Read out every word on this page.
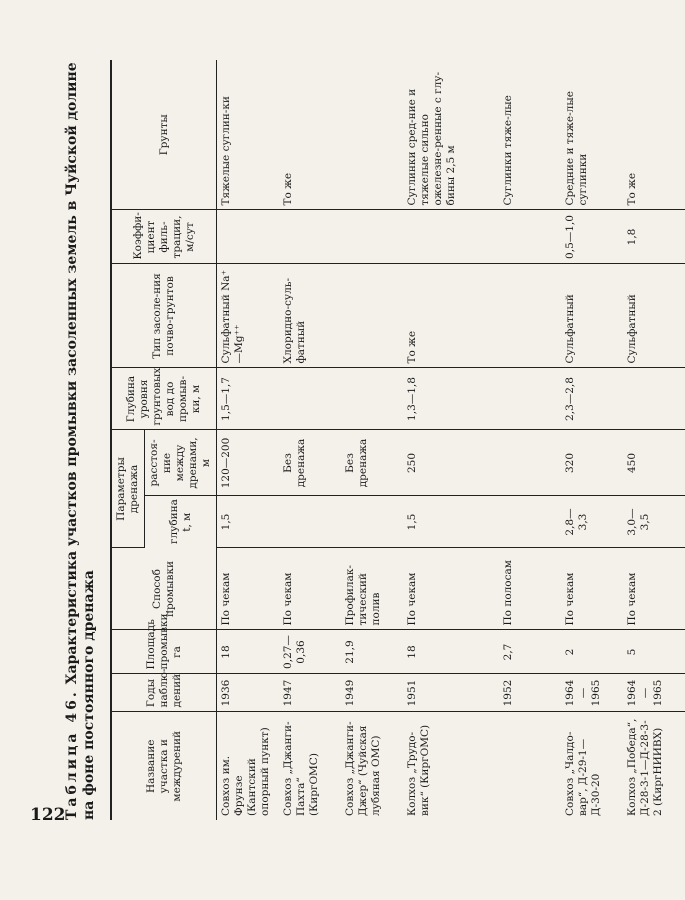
122
Таблица 46. Характеристика участков промывки засоленных земель в Чуйской долине на фоне постоянного дренажа	Название участка и междурений	Годы наблю-дений	Площадь промывки, га	Способ промывки	Параметры дренажа		Глубина уровня грунтовых вод до промыв-ки, м	Тип засоле-ния почво-грунтов	Коэффи-циент филь-трации, м/сут	Грунты
				глубина t, м	расстоя-ние между дренами, м				
Совхоз им. Фрунзе (Кантский опорный пункт)	1936	18	По чекам	1,5	120—200	1,5—1,7	Сульфатный Na⁺—Mg⁺⁺		Тяжелые суглин-ки
Совхоз „Джанги-Пахта“ (КиргОМС)	1947	0,27—0,36	По чекам		Без дренажа		Хлоридно-суль-фатный		То же
Совхоз „Джанги-Джер“ (Чуйская лубяная ОМС)	1949	21,9	Профилак-тический полив		Без дренажа				
Колхоз „Трудо-вик“ (КиргОМС)	1951	18	По чекам	1,5	250	1,3—1,8	То же		Суглинки сред-ние и тяжелые сильно ожелезне-ренные с глу-бины 2,5 м
	1952	2,7	По полосам						Суглинки тяже-лые
Совхоз „Чалдо-вар“, Д-29-1—Д-30-20	1964—1965	2	По чекам	2,8—3,3	320	2,3—2,8	Сульфатный	0,5—1,0	Средние и тяже-лые суглинки
Колхоз „Победа“, Д-28-3-1—Д-28-3-2 (КиргНИИВХ)	1964—1965	5	По чекам	3,0—3,5	450		Сульфатный	1,8	То же
